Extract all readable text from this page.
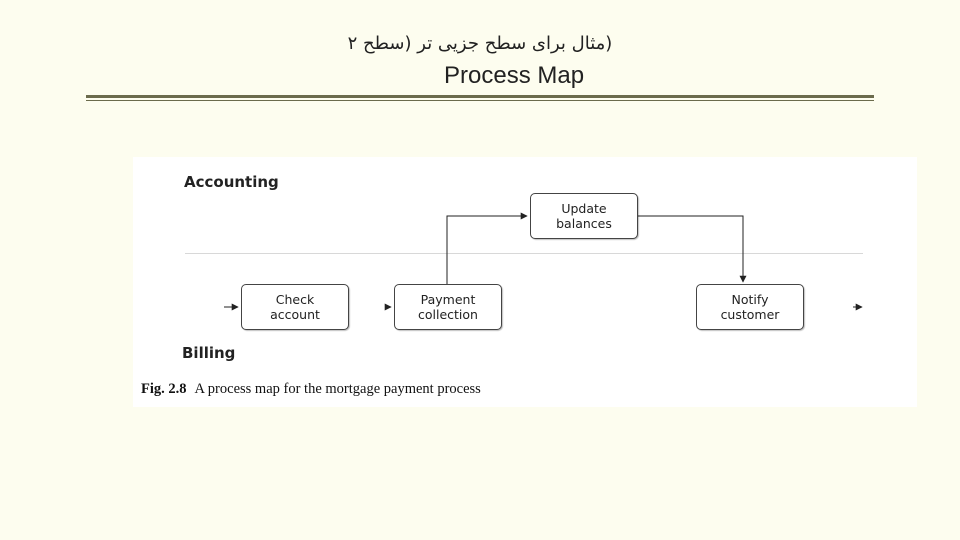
(مثال برای سطح جزیی تر (سطح ۲
Process Map
Accounting
Billing
Check
account
Payment
collection
Update
balances
Notify
customer
Fig. 2.8 A process map for the mortgage payment process
